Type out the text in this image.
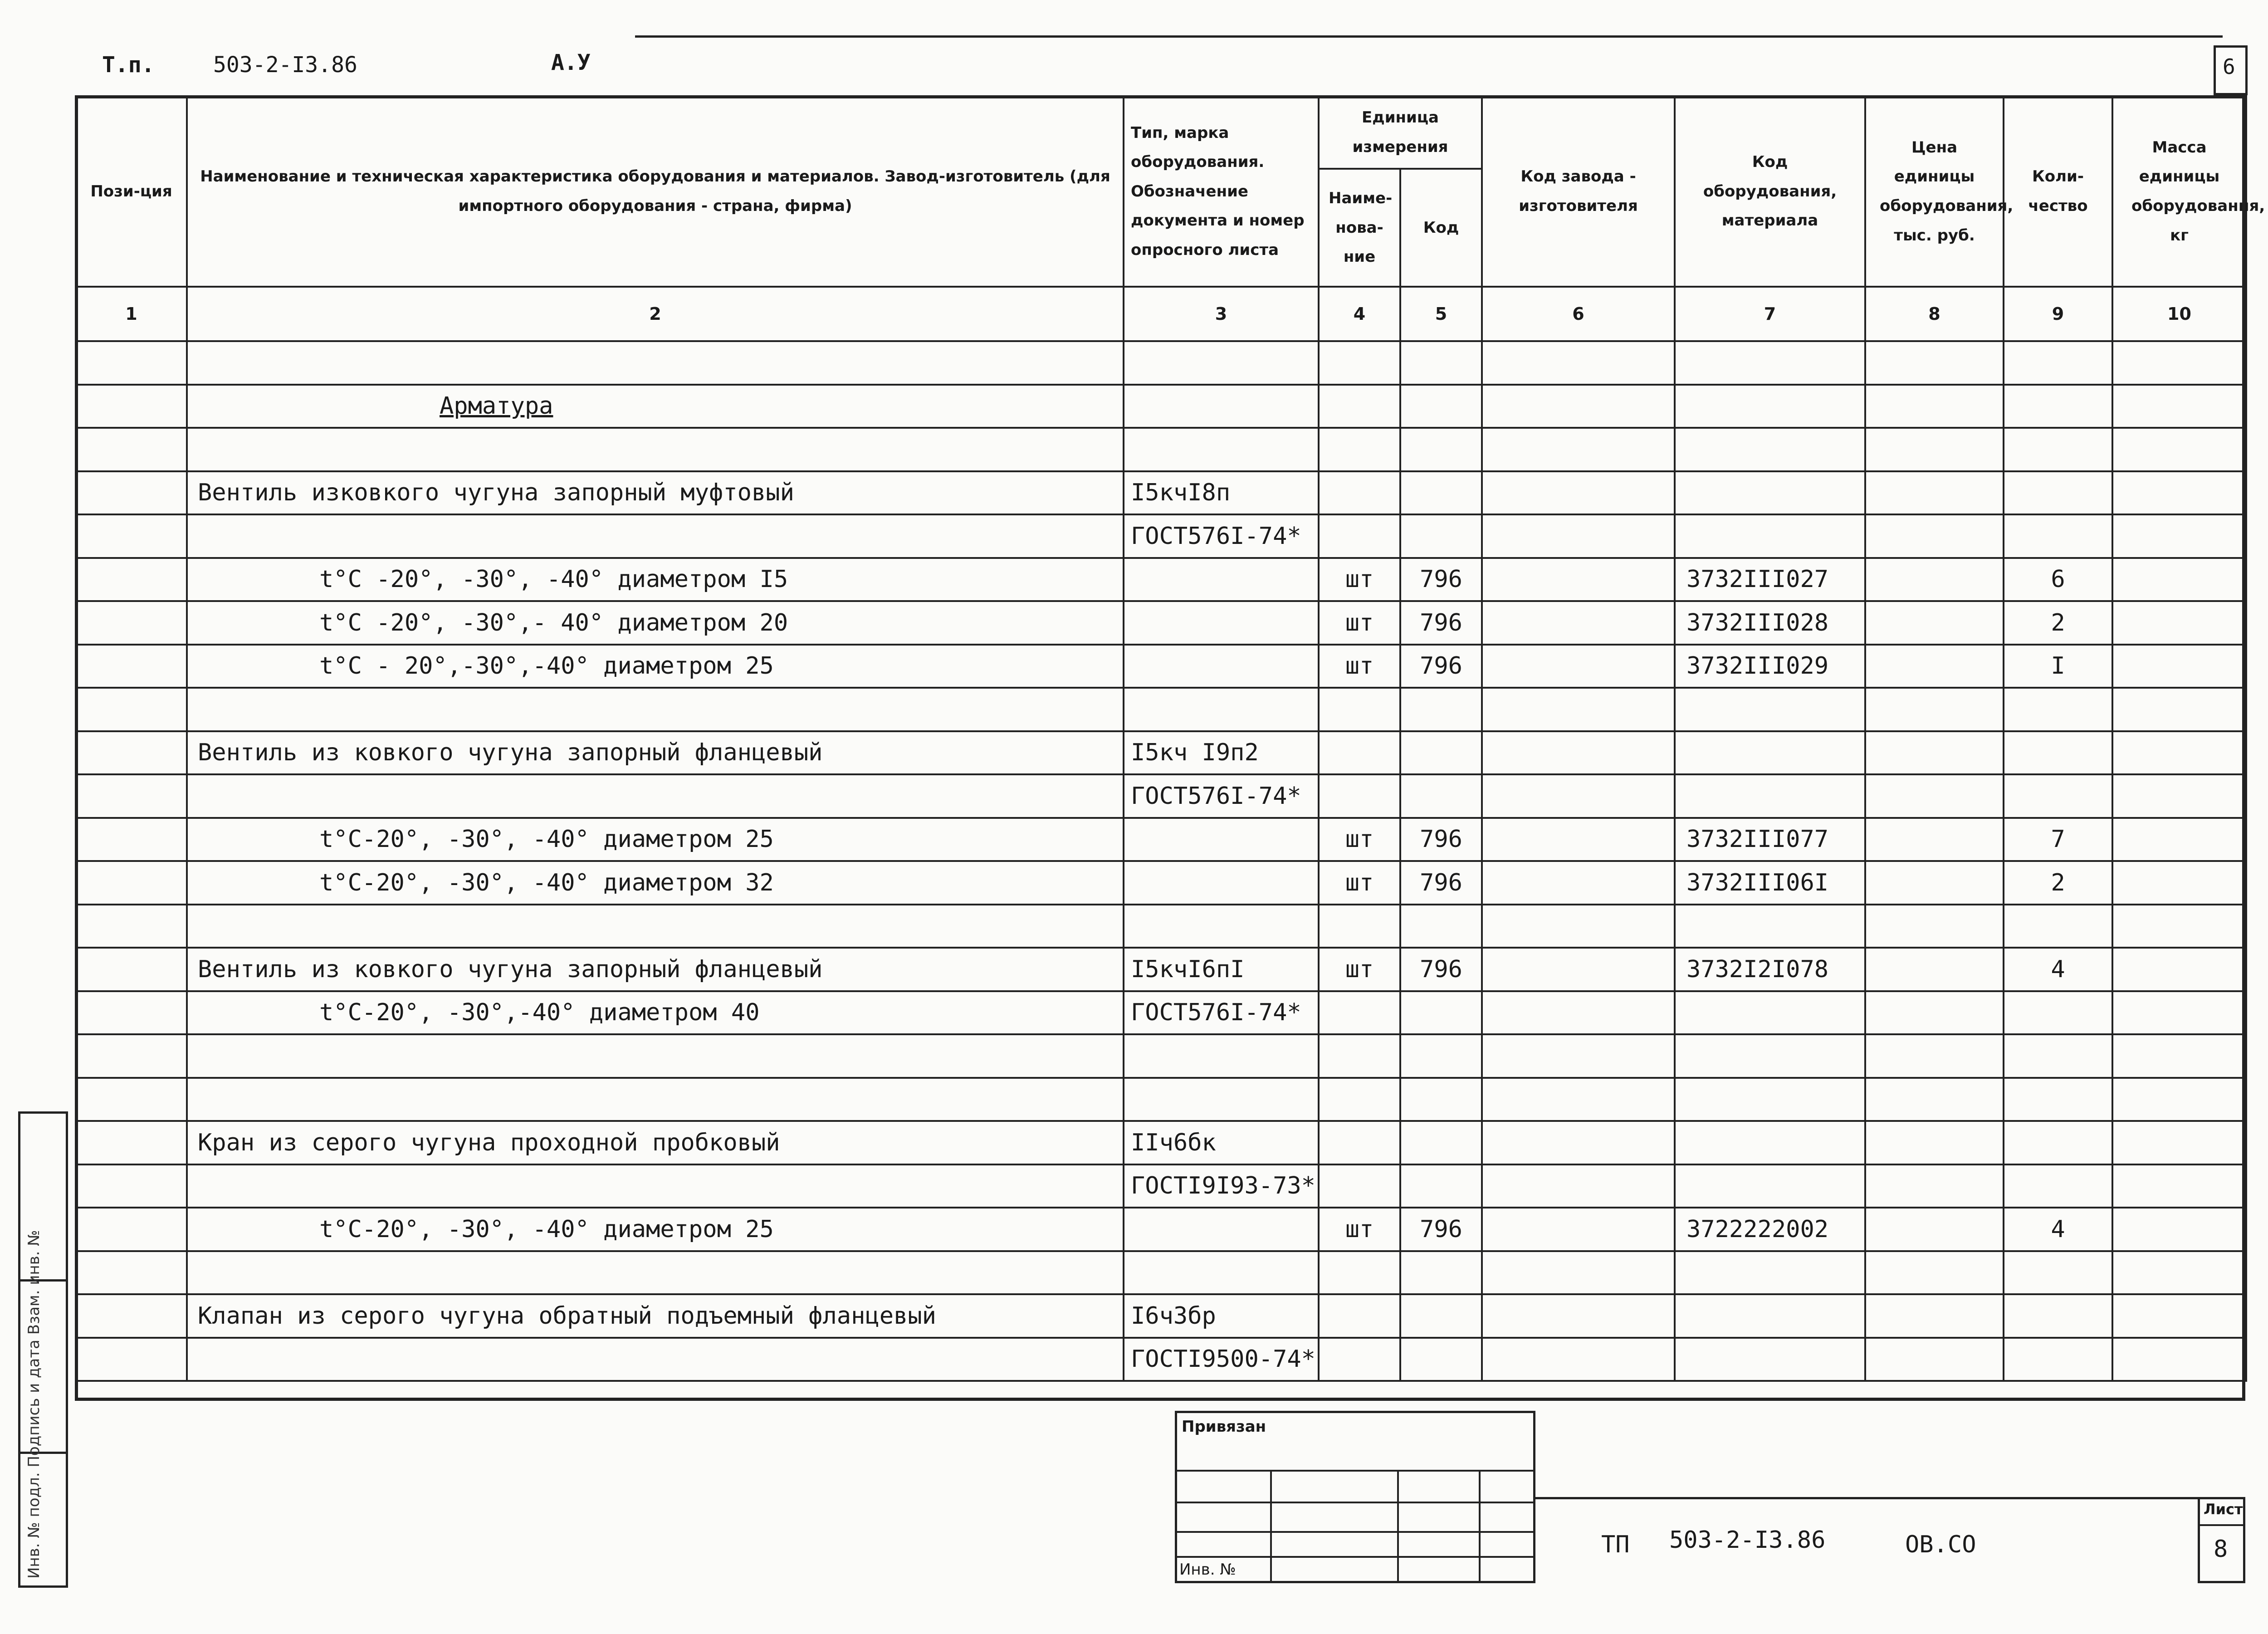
Т.п.	503-2-I3.86	А.У	6
Пози-ция	Наименование и техническая характеристика оборудования и материалов. Завод-изготовитель (для импортного оборудования - страна, фирма)	Тип, марка оборудования. Обозначение документа и номер опросного листа	Единица измерения		Код завода - изготовителя	Код оборудования, материала	Цена единицы оборудования, тыс. руб.	Коли-чество	Масса единицы оборудования, кг
			Наиме-нова-ние	Код					
1	2	3	4	5	6	7	8	9	10

	Арматура								

	Вентиль изковкого чугуна запорный муфтовый	I5кчI8п							
		ГОСТ576I-74*							
	t°C -20°, -30°, -40° диаметром I5		шт	796		3732III027		6	
	t°C -20°, -30°,- 40° диаметром 20		шт	796		3732III028		2	
	t°C - 20°,-30°,-40° диаметром 25		шт	796		3732III029		I	

	Вентиль из ковкого чугуна запорный фланцевый	I5кч I9п2							
		ГОСТ576I-74*							
	t°C-20°, -30°, -40° диаметром 25		шт	796		3732III077		7	
	t°C-20°, -30°, -40° диаметром 32		шт	796		3732III06I		2	

	Вентиль из ковкого чугуна запорный фланцевый	I5кчI6пI	шт	796		3732I2I078		4	
	t°C-20°, -30°,-40° диаметром 40	ГОСТ576I-74*							

	Кран из серого чугуна проходной пробковый	IIч6бк							
		ГОСТI9I93-73*							
	t°C-20°, -30°, -40° диаметром 25		шт	796		3722222002		4	

	Клапан из серого чугуна обратный подъемный фланцевый	I6ч3бр							
		ГОСТI9500-74*							
Инв. № подл. Подпись и дата Взам. инв. №	Привязан
Инв. №
ТП 503-2-I3.86	ОВ.СО
Лист
8
